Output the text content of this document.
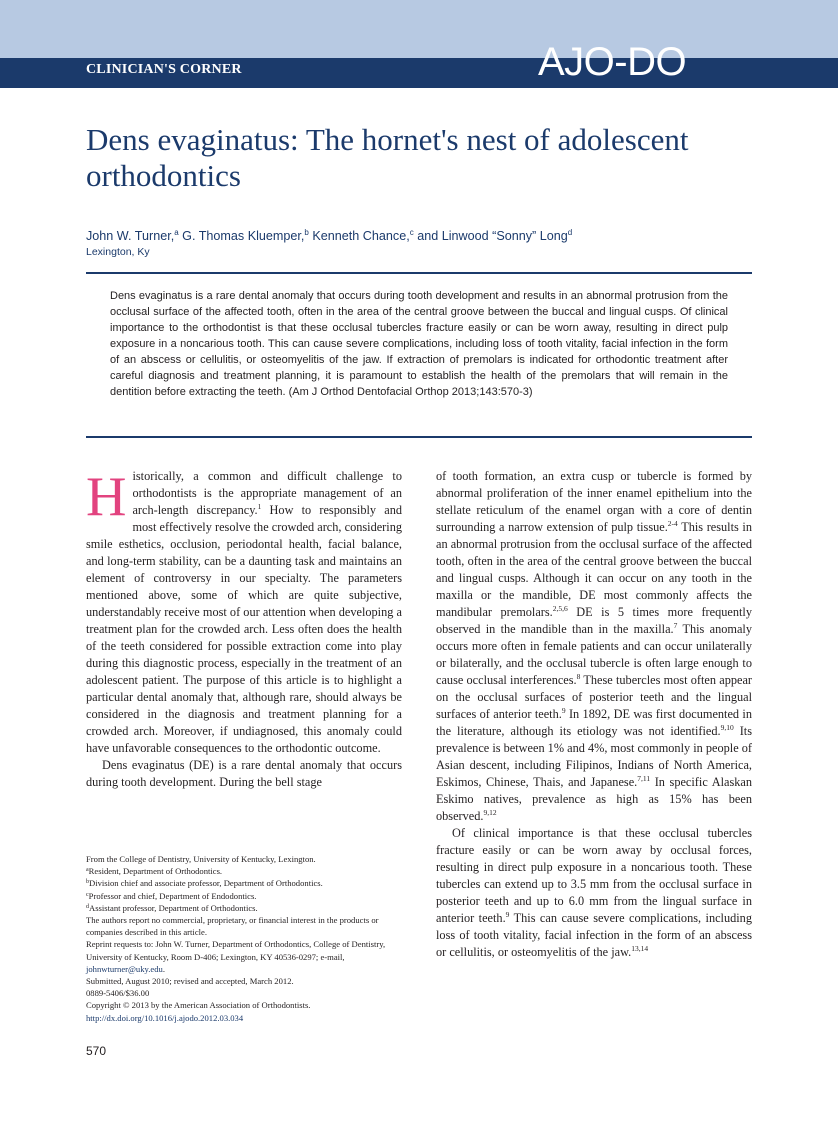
CLINICIAN'S CORNER	AJO-DO
Dens evaginatus: The hornet's nest of adolescent orthodontics
John W. Turner,$^a$ G. Thomas Kluemper,$^b$ Kenneth Chance,$^c$ and Linwood “Sonny” Long$^d$
Lexington, Ky
Dens evaginatus is a rare dental anomaly that occurs during tooth development and results in an abnormal protrusion from the occlusal surface of the affected tooth, often in the area of the central groove between the buccal and lingual cusps. Of clinical importance to the orthodontist is that these occlusal tubercles fracture easily or can be worn away, resulting in direct pulp exposure in a noncarious tooth. This can cause severe complications, including loss of tooth vitality, facial infection in the form of an abscess or cellulitis, or osteomyelitis of the jaw. If extraction of premolars is indicated for orthodontic treatment after careful diagnosis and treatment planning, it is paramount to establish the health of the premolars that will remain in the dentition before extracting the teeth. (Am J Orthod Dentofacial Orthop 2013;143:570-3)

Historically, a common and difficult challenge to orthodontists is the appropriate management of an arch-length discrepancy.$^1$ How to responsibly and most effectively resolve the crowded arch, considering smile esthetics, occlusion, periodontal health, facial balance, and long-term stability, can be a daunting task and maintains an element of controversy in our specialty. The parameters mentioned above, some of which are quite subjective, understandably receive most of our attention when developing a treatment plan for the crowded arch. Less often does the health of the teeth considered for possible extraction come into play during this diagnostic process, especially in the treatment of an adolescent patient. The purpose of this article is to highlight a particular dental anomaly that, although rare, should always be considered in the diagnosis and treatment planning for a crowded arch. Moreover, if undiagnosed, this anomaly could have unfavorable consequences to the orthodontic outcome.

Dens evaginatus (DE) is a rare dental anomaly that occurs during tooth development. During the bell stage

of tooth formation, an extra cusp or tubercle is formed by abnormal proliferation of the inner enamel epithelium into the stellate reticulum of the enamel organ with a core of dentin surrounding a narrow extension of pulp tissue.$^{2-4}$ This results in an abnormal protrusion from the occlusal surface of the affected tooth, often in the area of the central groove between the buccal and lingual cusps. Although it can occur on any tooth in the maxilla or the mandible, DE most commonly affects the mandibular premolars.$^{2,5,6}$ DE is 5 times more frequently observed in the mandible than in the maxilla.$^7$ This anomaly occurs more often in female patients and can occur unilaterally or bilaterally, and the occlusal tubercle is often large enough to cause occlusal interferences.$^8$ These tubercles most often appear on the occlusal surfaces of posterior teeth and the lingual surfaces of anterior teeth.$^9$ In 1892, DE was first documented in the literature, although its etiology was not identified.$^{9,10}$ Its prevalence is between 1% and 4%, most commonly in people of Asian descent, including Filipinos, Indians of North America, Eskimos, Chinese, Thais, and Japanese.$^{7,11}$ In specific Alaskan Eskimo natives, prevalence as high as 15% has been observed.$^{9,12}$

Of clinical importance is that these occlusal tubercles fracture easily or can be worn away by occlusal forces, resulting in direct pulp exposure in a noncarious tooth. These tubercles can extend up to 3.5 mm from the occlusal surface in posterior teeth and up to 6.0 mm from the lingual surface in anterior teeth.$^9$ This can cause severe complications, including loss of tooth vitality, facial infection in the form of an abscess or cellulitis, or osteomyelitis of the jaw.$^{13,14}$

From the College of Dentistry, University of Kentucky, Lexington.
$^a$Resident, Department of Orthodontics.
$^b$Division chief and associate professor, Department of Orthodontics.
$^c$Professor and chief, Department of Endodontics.
$^d$Assistant professor, Department of Orthodontics.
The authors report no commercial, proprietary, or financial interest in the products or companies described in this article.
Reprint requests to: John W. Turner, Department of Orthodontics, College of Dentistry, University of Kentucky, Room D-406; Lexington, KY 40536-0297; e-mail, johnwturner@uky.edu.
Submitted, August 2010; revised and accepted, March 2012.
0889-5406/$36.00
Copyright © 2013 by the American Association of Orthodontists.
http://dx.doi.org/10.1016/j.ajodo.2012.03.034
570
